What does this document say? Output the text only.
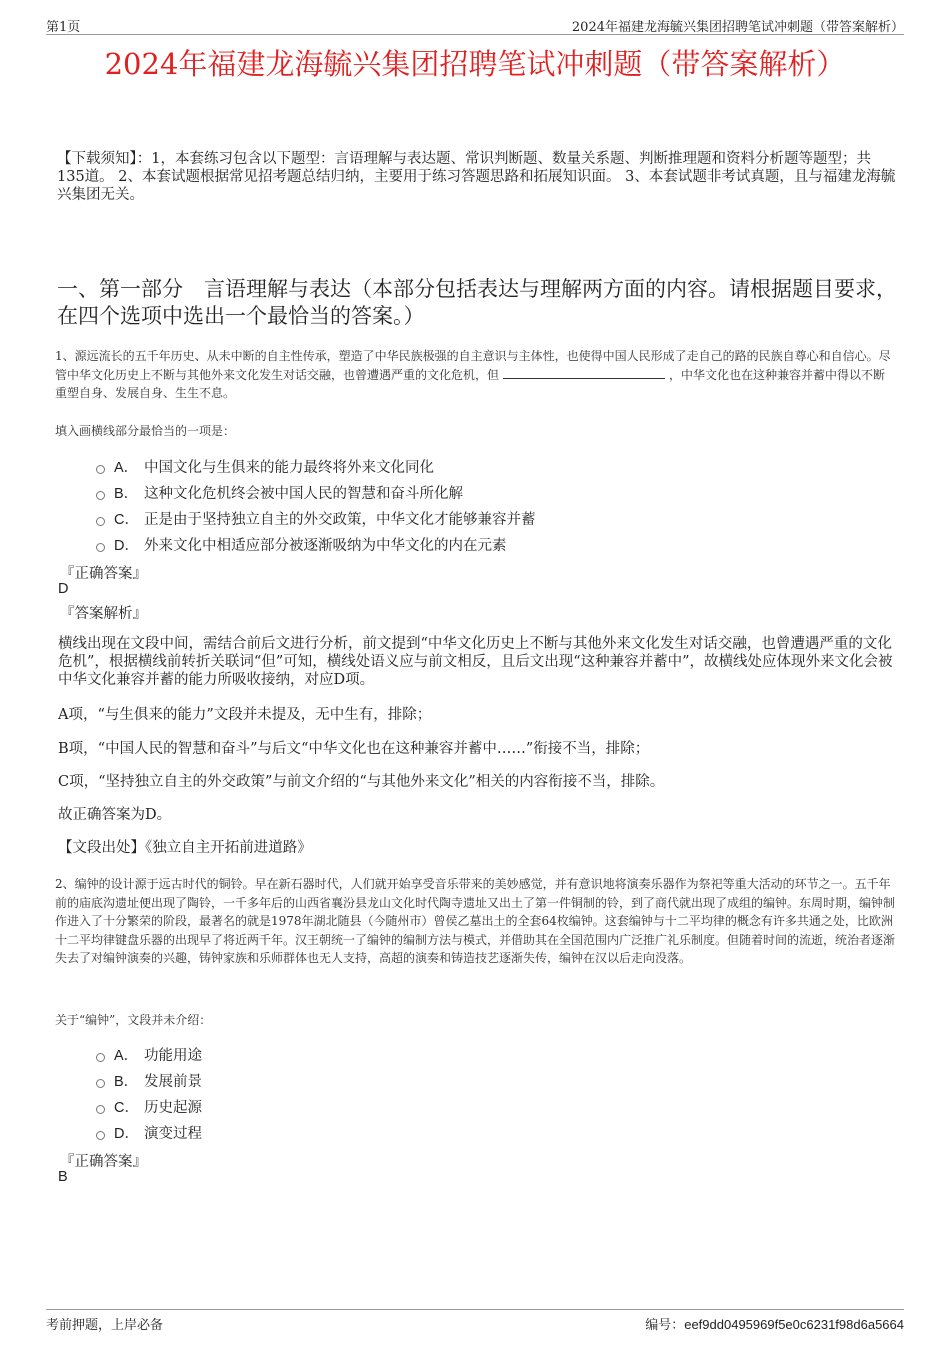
第1页	2024年福建龙海毓兴集团招聘笔试冲刺题（带答案解析）
2024年福建龙海毓兴集团招聘笔试冲刺题（带答案解析）
【下载须知】：1，本套练习包含以下题型：言语理解与表达题、常识判断题、数量关系题、判断推理题和资料分析题等题型；共135道。 2、本套试题根据常见招考题总结归纳，主要用于练习答题思路和拓展知识面。 3、本套试题非考试真题，且与福建龙海毓兴集团无关。
一、第一部分　言语理解与表达（本部分包括表达与理解两方面的内容。请根据题目要求，在四个选项中选出一个最恰当的答案。）
1、源远流长的五千年历史、从未中断的自主性传承，塑造了中华民族极强的自主意识与主体性，也使得中国人民形成了走自己的路的民族自尊心和自信心。尽管中华文化历史上不断与其他外来文化发生对话交融，也曾遭遇严重的文化危机，但	，中华文化也在这种兼容并蓄中得以不断重塑自身、发展自身、生生不息。
填入画横线部分最恰当的一项是：
A． 中国文化与生俱来的能力最终将外来文化同化
B． 这种文化危机终会被中国人民的智慧和奋斗所化解
C． 正是由于坚持独立自主的外交政策，中华文化才能够兼容并蓄
D． 外来文化中相适应部分被逐渐吸纳为中华文化的内在元素
『正确答案』
D
『答案解析』
横线出现在文段中间，需结合前后文进行分析，前文提到“中华文化历史上不断与其他外来文化发生对话交融，也曾遭遇严重的文化危机”，根据横线前转折关联词“但”可知，横线处语义应与前文相反，且后文出现“这种兼容并蓄中”，故横线处应体现外来文化会被中华文化兼容并蓄的能力所吸收接纳，对应D项。
A项，“与生俱来的能力”文段并未提及，无中生有，排除；
B项，“中国人民的智慧和奋斗”与后文“中华文化也在这种兼容并蓄中……”衔接不当，排除；
C项，“坚持独立自主的外交政策”与前文介绍的“与其他外来文化”相关的内容衔接不当，排除。
故正确答案为D。
【文段出处】《独立自主开拓前进道路》
2、编钟的设计源于远古时代的铜铃。早在新石器时代，人们就开始享受音乐带来的美妙感觉，并有意识地将演奏乐器作为祭祀等重大活动的环节之一。五千年前的庙底沟遗址便出现了陶铃，一千多年后的山西省襄汾县龙山文化时代陶寺遗址又出土了第一件铜制的铃，到了商代就出现了成组的编钟。东周时期，编钟制作进入了十分繁荣的阶段，最著名的就是1978年湖北随县（今随州市）曾侯乙墓出土的全套64枚编钟。这套编钟与十二平均律的概念有许多共通之处，比欧洲十二平均律键盘乐器的出现早了将近两千年。汉王朝统一了编钟的编制方法与模式，并借助其在全国范围内广泛推广礼乐制度。但随着时间的流逝，统治者逐渐失去了对编钟演奏的兴趣，铸钟家族和乐师群体也无人支持，高超的演奏和铸造技艺逐渐失传，编钟在汉以后走向没落。
关于“编钟”，文段并未介绍：
A． 功能用途
B． 发展前景
C． 历史起源
D． 演变过程
『正确答案』
B
考前押题，上岸必备	编号：eef9dd0495969f5e0c6231f98d6a5664
